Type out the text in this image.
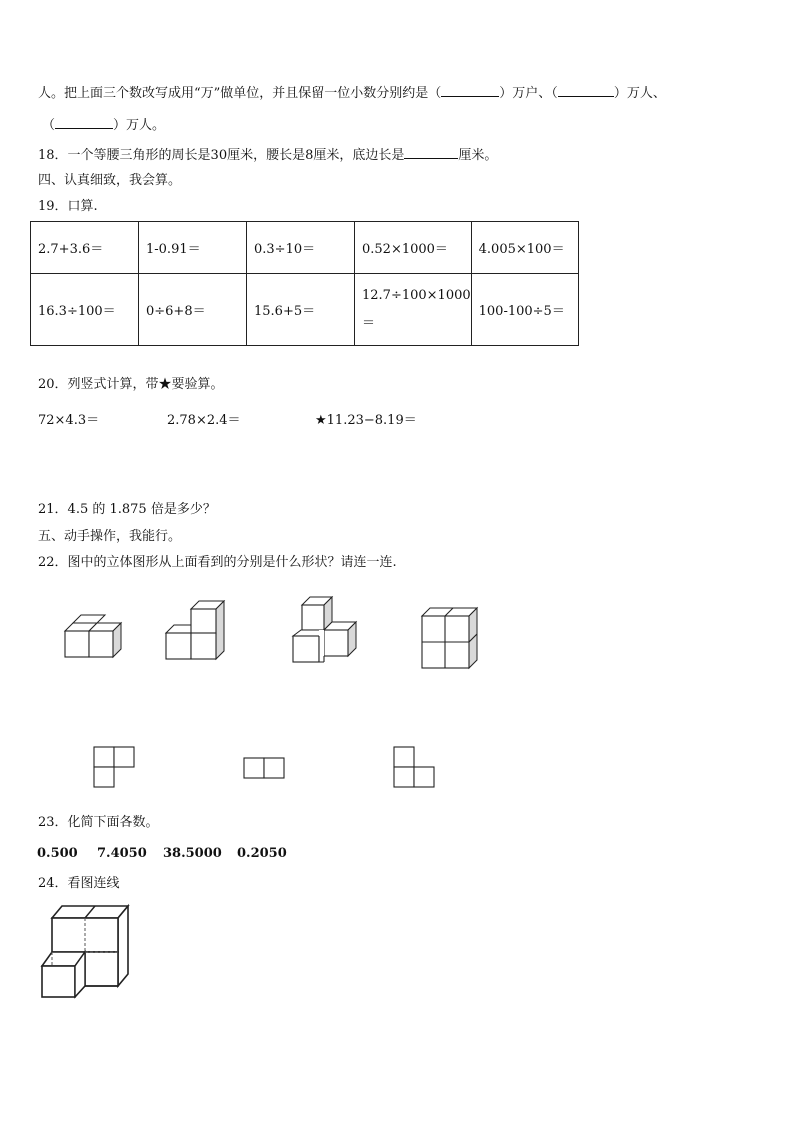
人。把上面三个数改写成用“万”做单位，并且保留一位小数分别约是（	）万户、（	）万人、
（	）万人。
18．一个等腰三角形的周长是30厘米，腰长是8厘米，底边长是	厘米。
四、认真细致，我会算。
19．口算.
2.7+3.6＝	1-0.91＝	0.3÷10＝	0.52×1000＝	4.005×100＝
16.3÷100＝	0÷6+8＝	15.6+5＝	12.7÷100×1000
＝	100-100÷5＝
20．列竖式计算，带★要验算。
72×4.3＝	2.78×2.4＝	★11.23−8.19＝
21．4.5 的 1.875 倍是多少？
五、动手操作，我能行。
22．图中的立体图形从上面看到的分别是什么形状？请连一连.
23．化简下面各数。
0.500 7.4050 38.5000 0.2050
24．看图连线
